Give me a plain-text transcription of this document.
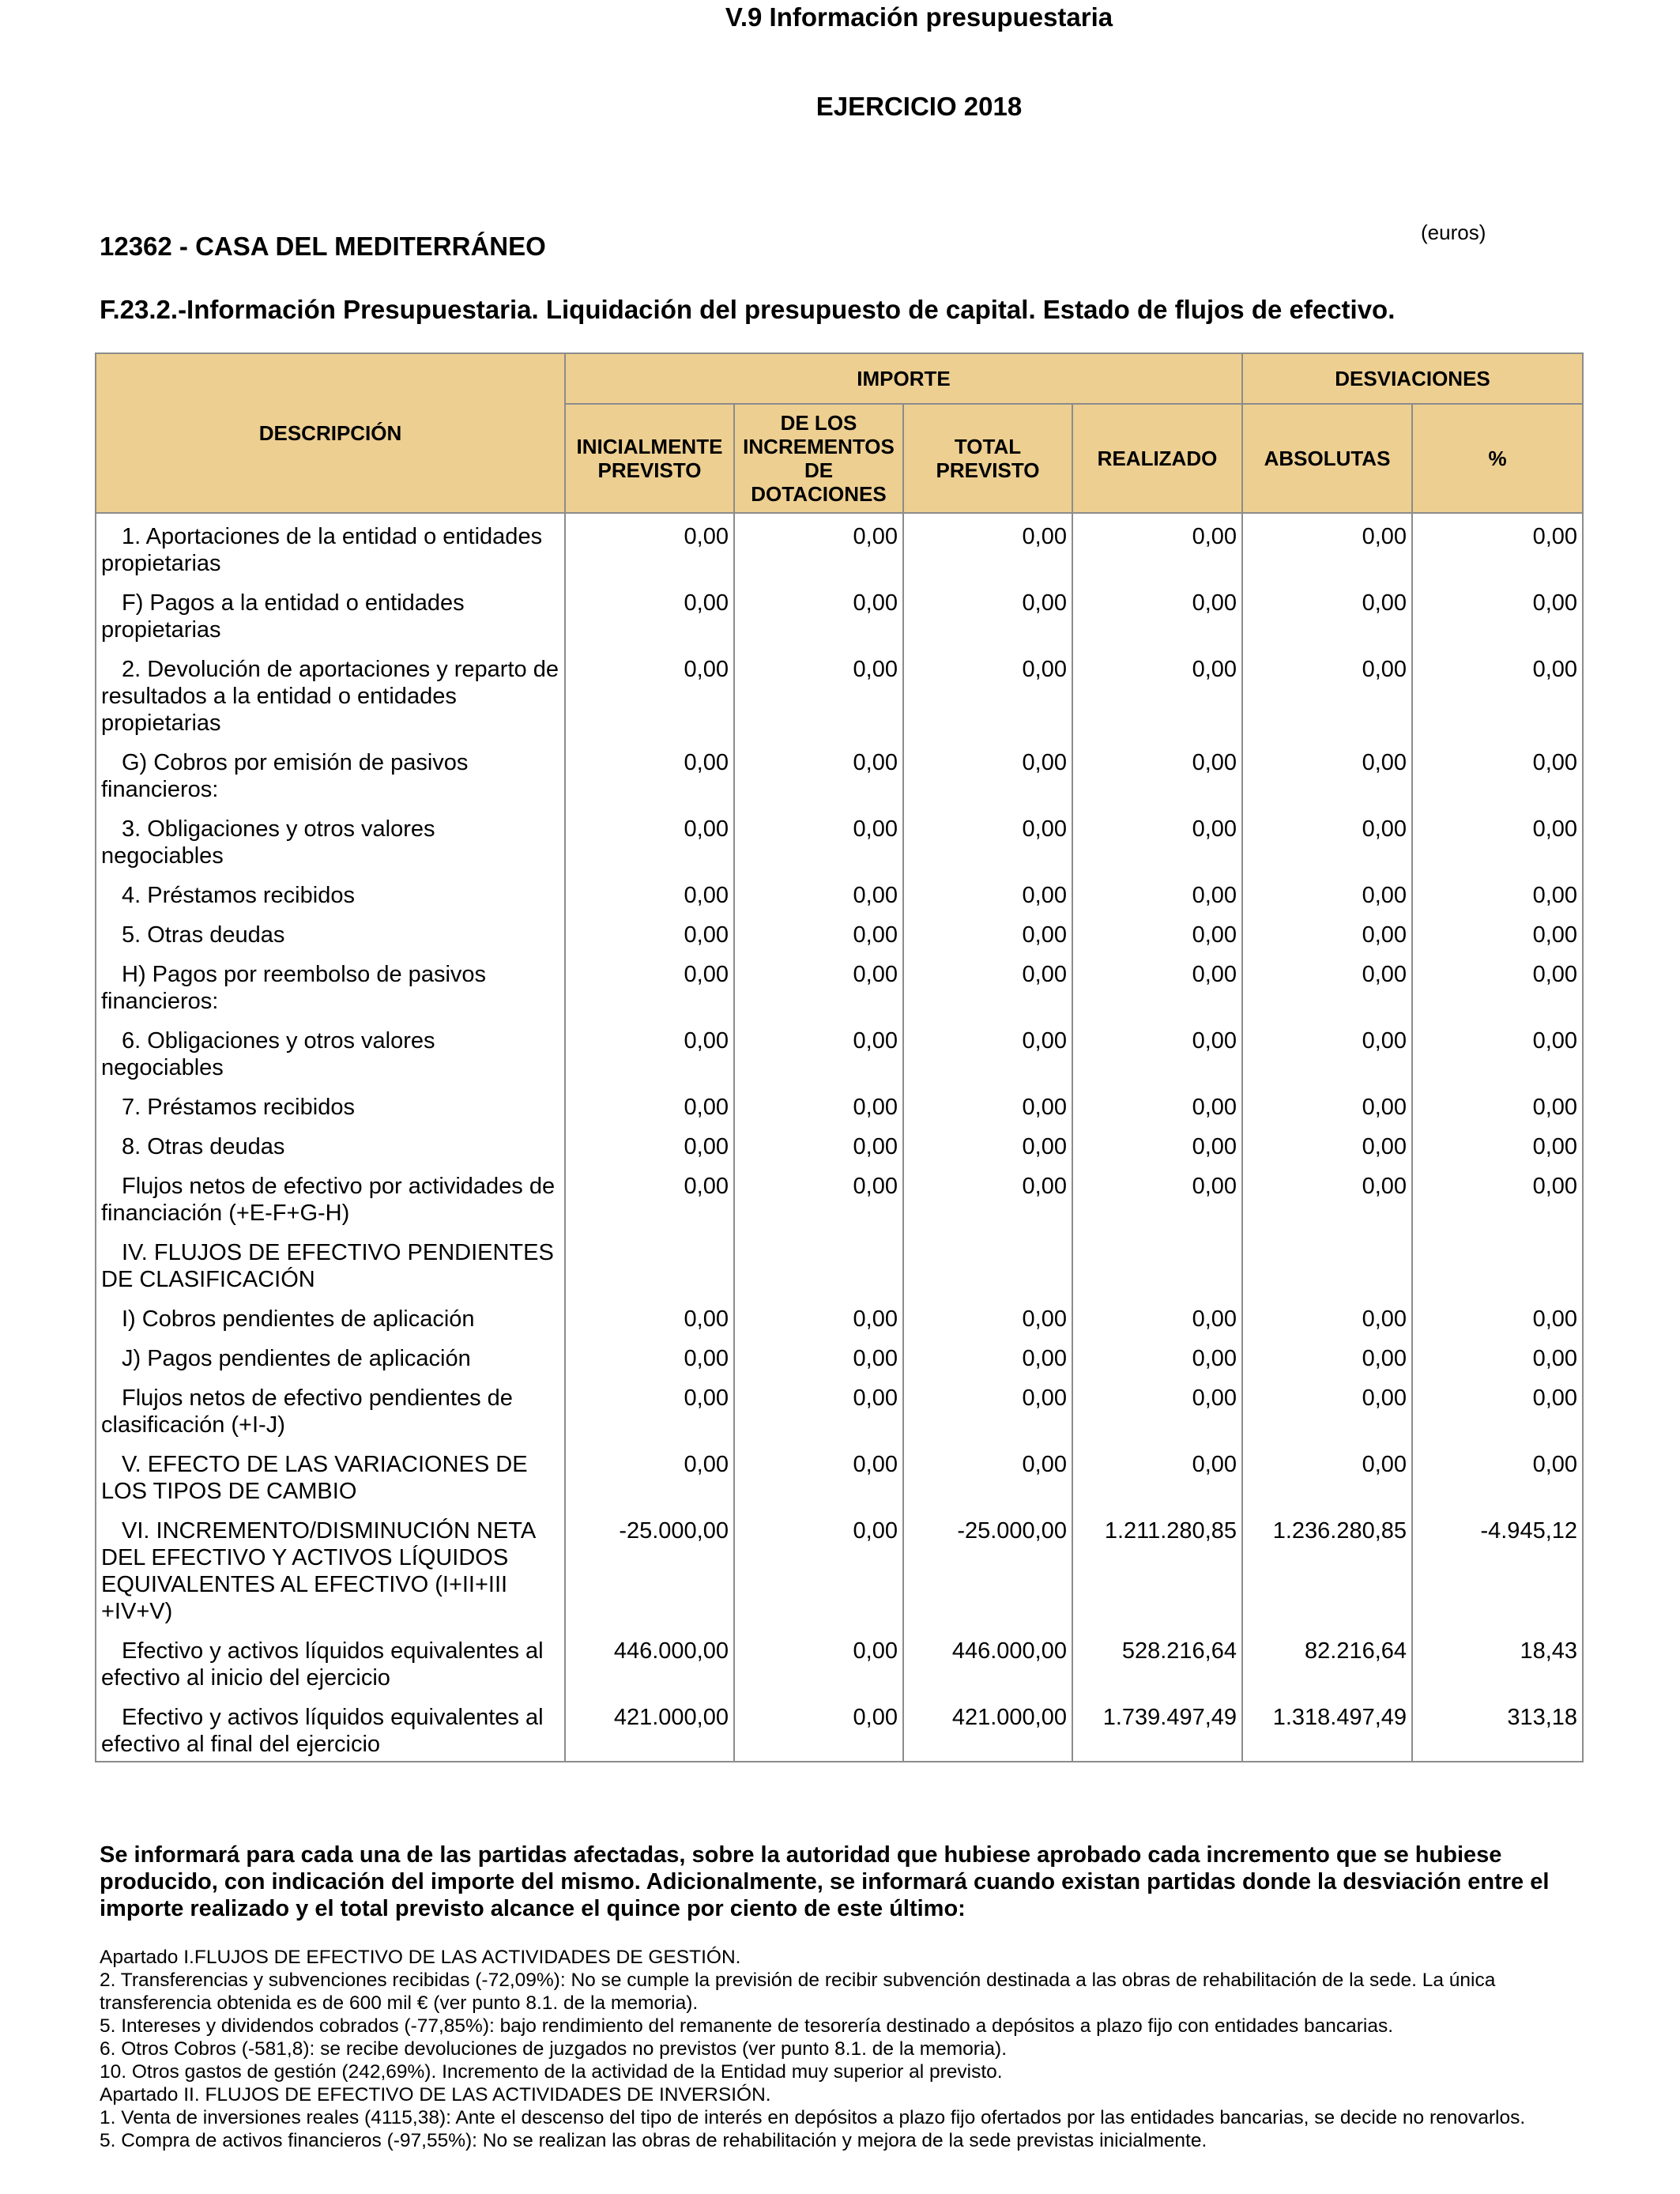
V.9 Información presupuestaria
EJERCICIO 2018
12362 - CASA DEL MEDITERRÁNEO	(euros)
F.23.2.-Información Presupuestaria. Liquidación del presupuesto de capital. Estado de flujos de efectivo.
DESCRIPCIÓN	IMPORTE				DESVIACIONES	
	INICIALMENTE PREVISTO	DE LOS INCREMENTOS DE DOTACIONES	TOTAL PREVISTO	REALIZADO	ABSOLUTAS	%
1. Aportaciones de la entidad o entidades propietarias	0,00	0,00	0,00	0,00	0,00	0,00
F) Pagos a la entidad o entidades propietarias	0,00	0,00	0,00	0,00	0,00	0,00
2. Devolución de aportaciones y reparto de resultados a la entidad o entidades propietarias	0,00	0,00	0,00	0,00	0,00	0,00
G) Cobros por emisión de pasivos financieros:	0,00	0,00	0,00	0,00	0,00	0,00
3. Obligaciones y otros valores negociables	0,00	0,00	0,00	0,00	0,00	0,00
4. Préstamos recibidos	0,00	0,00	0,00	0,00	0,00	0,00
5. Otras deudas	0,00	0,00	0,00	0,00	0,00	0,00
H) Pagos por reembolso de pasivos financieros:	0,00	0,00	0,00	0,00	0,00	0,00
6. Obligaciones y otros valores negociables	0,00	0,00	0,00	0,00	0,00	0,00
7. Préstamos recibidos	0,00	0,00	0,00	0,00	0,00	0,00
8. Otras deudas	0,00	0,00	0,00	0,00	0,00	0,00
Flujos netos de efectivo por actividades de financiación (+E-F+G-H)	0,00	0,00	0,00	0,00	0,00	0,00
IV. FLUJOS DE EFECTIVO PENDIENTES DE CLASIFICACIÓN						
I) Cobros pendientes de aplicación	0,00	0,00	0,00	0,00	0,00	0,00
J) Pagos pendientes de aplicación	0,00	0,00	0,00	0,00	0,00	0,00
Flujos netos de efectivo pendientes de clasificación (+I-J)	0,00	0,00	0,00	0,00	0,00	0,00
V. EFECTO DE LAS VARIACIONES DE LOS TIPOS DE CAMBIO	0,00	0,00	0,00	0,00	0,00	0,00
VI. INCREMENTO/DISMINUCIÓN NETA DEL EFECTIVO Y ACTIVOS LÍQUIDOS EQUIVALENTES AL EFECTIVO (I+II+III +IV+V)	-25.000,00	0,00	-25.000,00	1.211.280,85	1.236.280,85	-4.945,12
Efectivo y activos líquidos equivalentes al efectivo al inicio del ejercicio	446.000,00	0,00	446.000,00	528.216,64	82.216,64	18,43
Efectivo y activos líquidos equivalentes al efectivo al final del ejercicio	421.000,00	0,00	421.000,00	1.739.497,49	1.318.497,49	313,18
Se informará para cada una de las partidas afectadas, sobre la autoridad que hubiese aprobado cada incremento que se hubiese producido, con indicación del importe del mismo. Adicionalmente, se informará cuando existan partidas donde la desviación entre el importe realizado y el total previsto alcance el quince por ciento de este último:
Apartado I.FLUJOS DE EFECTIVO DE LAS ACTIVIDADES DE GESTIÓN.
2. Transferencias y subvenciones recibidas (-72,09%): No se cumple la previsión de recibir subvención destinada a las obras de rehabilitación de la sede. La única transferencia obtenida es de 600 mil € (ver punto 8.1. de la memoria).
5. Intereses y dividendos cobrados (-77,85%): bajo rendimiento del remanente de tesorería destinado a depósitos a plazo fijo con entidades bancarias.
6. Otros Cobros (-581,8): se recibe devoluciones de juzgados no previstos (ver punto 8.1. de la memoria).
10. Otros gastos de gestión (242,69%). Incremento de la actividad de la Entidad muy superior al previsto.
Apartado II. FLUJOS DE EFECTIVO DE LAS ACTIVIDADES DE INVERSIÓN.
1. Venta de inversiones reales (4115,38): Ante el descenso del tipo de interés en depósitos a plazo fijo ofertados por las entidades bancarias, se decide no renovarlos.
5. Compra de activos financieros (-97,55%): No se realizan las obras de rehabilitación y mejora de la sede previstas inicialmente.
